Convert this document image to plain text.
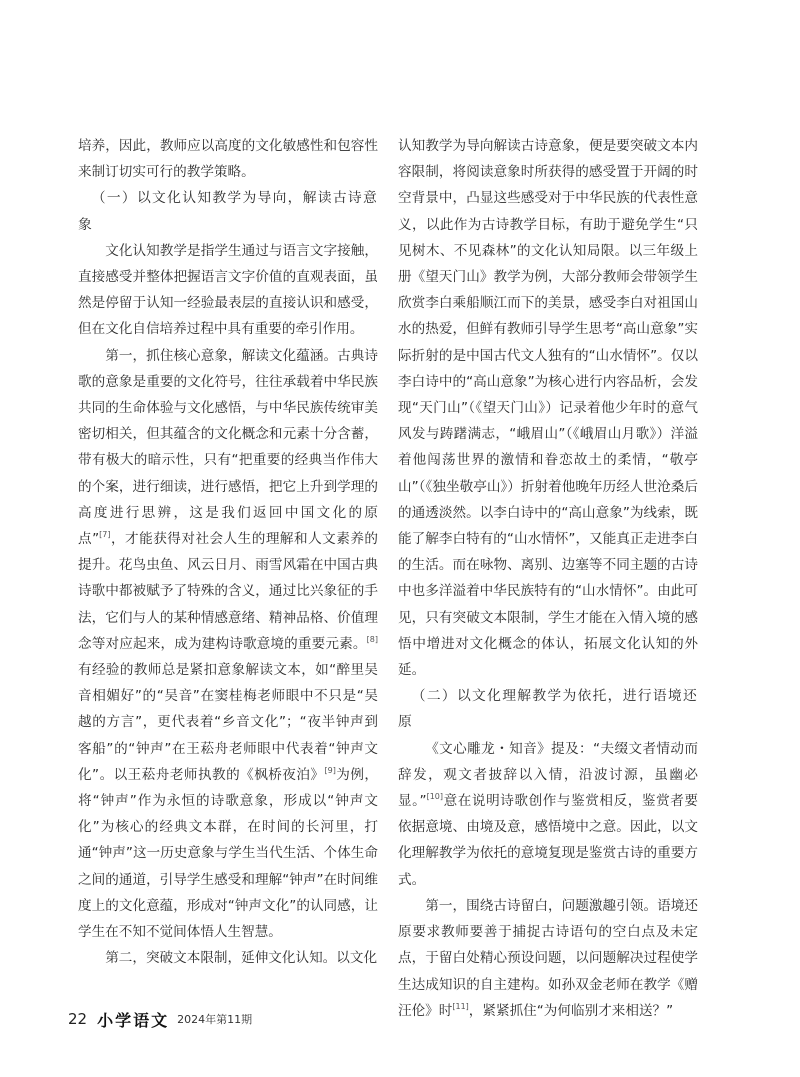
培养，因此，教师应以高度的文化敏感性和包容性来制订切实可行的教学策略。

（一）以文化认知教学为导向，解读古诗意象

文化认知教学是指学生通过与语言文字接触，直接感受并整体把握语言文字价值的直观表面，虽然是停留于认知一经验最表层的直接认识和感受，但在文化自信培养过程中具有重要的牵引作用。

第一，抓住核心意象，解读文化蕴涵。古典诗歌的意象是重要的文化符号，往往承载着中华民族共同的生命体验与文化感悟，与中华民族传统审美密切相关，但其蕴含的文化概念和元素十分含蓄，带有极大的暗示性，只有“把重要的经典当作伟大的个案，进行细读，进行感悟，把它上升到学理的高度进行思辨，这是我们返回中国文化的原点”[7]，才能获得对社会人生的理解和人文素养的提升。花鸟虫鱼、风云日月、雨雪风霜在中国古典诗歌中都被赋予了特殊的含义，通过比兴象征的手法，它们与人的某种情感意绪、精神品格、价值理念等对应起来，成为建构诗歌意境的重要元素。[8]有经验的教师总是紧扣意象解读文本，如“醉里吴音相媚好”的“吴音”在窦桂梅老师眼中不只是“吴越的方言”，更代表着“乡音文化”；“夜半钟声到客船”的“钟声”在王菘舟老师眼中代表着“钟声文化”。以王菘舟老师执教的《枫桥夜泊》[9]为例，将“钟声”作为永恒的诗歌意象，形成以“钟声文化”为核心的经典文本群，在时间的长河里，打通“钟声”这一历史意象与学生当代生活、个体生命之间的通道，引导学生感受和理解“钟声”在时间维度上的文化意蕴，形成对“钟声文化”的认同感，让学生在不知不觉间体悟人生智慧。

第二，突破文本限制，延伸文化认知。以文化

认知教学为导向解读古诗意象，便是要突破文本内容限制，将阅读意象时所获得的感受置于开阔的时空背景中，凸显这些感受对于中华民族的代表性意义，以此作为古诗教学目标，有助于避免学生“只见树木、不见森林”的文化认知局限。以三年级上册《望天门山》教学为例，大部分教师会带领学生欣赏李白乘船顺江而下的美景，感受李白对祖国山水的热爱，但鲜有教师引导学生思考“高山意象”实际折射的是中国古代文人独有的“山水情怀”。仅以李白诗中的“高山意象”为核心进行内容品析，会发现“天门山”（《望天门山》）记录着他少年时的意气风发与踌躇满志，“峨眉山”（《峨眉山月歌》）洋溢着他闯荡世界的激情和眷恋故土的柔情，“敬亭山”（《独坐敬亭山》）折射着他晚年历经人世沧桑后的通透淡然。以李白诗中的“高山意象”为线索，既能了解李白特有的“山水情怀”，又能真正走进李白的生活。而在咏物、离别、边塞等不同主题的古诗中也多洋溢着中华民族特有的“山水情怀”。由此可见，只有突破文本限制，学生才能在入情入境的感悟中增进对文化概念的体认，拓展文化认知的外延。

（二）以文化理解教学为依托，进行语境还原

《文心雕龙・知音》提及：“夫缀文者情动而辞发，观文者披辞以入情，沿波讨源，虽幽必显。”[10]意在说明诗歌创作与鉴赏相反，鉴赏者要依据意境、由境及意，感悟境中之意。因此，以文化理解教学为依托的意境复现是鉴赏古诗的重要方式。

第一，围绕古诗留白，问题激趣引领。语境还原要求教师要善于捕捉古诗语句的空白点及未定点，于留白处精心预设问题，以问题解决过程使学生达成知识的自主建构。如孙双金老师在教学《赠汪伦》时[11]，紧紧抓住“为何临别才来相送？”

22 小学语文 2024年第11期
